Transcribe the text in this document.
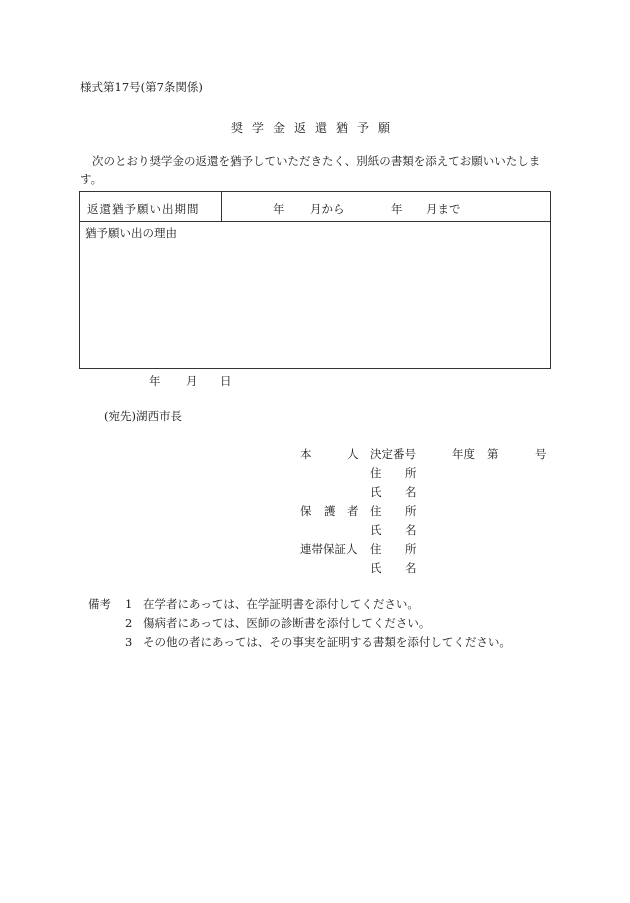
様式第17号(第7条関係)
奨学金返還猶予願
次のとおり奨学金の返還を猶予していただきたく、別紙の書類を添えてお願いいたします。
返還猶予願い出期間	年 月から	年 月まで
猶予願い出の理由
年 月 日
(宛先)湖西市長
本	人 決定番号	年度 第	号
住 所
氏 名
保 護 者 住 所
氏 名
連帯保証人 住 所
氏 名
備考 1 在学者にあっては、在学証明書を添付してください。
2 傷病者にあっては、医師の診断書を添付してください。
3 その他の者にあっては、その事実を証明する書類を添付してください。
